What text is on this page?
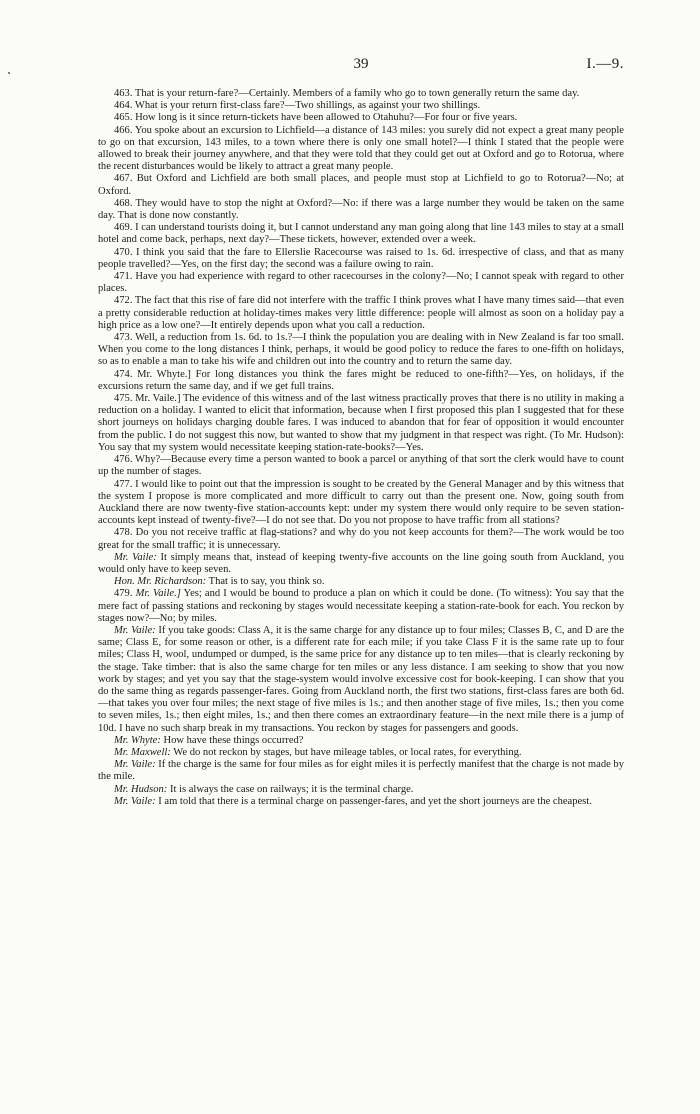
39	I.—9.

463. That is your return-fare?—Certainly. Members of a family who go to town generally return the same day.

464. What is your return first-class fare?—Two shillings, as against your two shillings.

465. How long is it since return-tickets have been allowed to Otahuhu?—For four or five years.

466. You spoke about an excursion to Lichfield—a distance of 143 miles: you surely did not expect a great many people to go on that excursion, 143 miles, to a town where there is only one small hotel?—I think I stated that the people were allowed to break their journey anywhere, and that they were told that they could get out at Oxford and go to Rotorua, where the recent disturbances would be likely to attract a great many people.

467. But Oxford and Lichfield are both small places, and people must stop at Lichfield to go to Rotorua?—No; at Oxford.

468. They would have to stop the night at Oxford?—No: if there was a large number they would be taken on the same day. That is done now constantly.

469. I can understand tourists doing it, but I cannot understand any man going along that line 143 miles to stay at a small hotel and come back, perhaps, next day?—These tickets, however, extended over a week.

470. I think you said that the fare to Ellerslie Racecourse was raised to 1s. 6d. irrespective of class, and that as many people travelled?—Yes, on the first day; the second was a failure owing to rain.

471. Have you had experience with regard to other racecourses in the colony?—No; I cannot speak with regard to other places.

472. The fact that this rise of fare did not interfere with the traffic I think proves what I have many times said—that even a pretty considerable reduction at holiday-times makes very little difference: people will almost as soon on a holiday pay a high price as a low one?—It entirely depends upon what you call a reduction.

473. Well, a reduction from 1s. 6d. to 1s.?—I think the population you are dealing with in New Zealand is far too small. When you come to the long distances I think, perhaps, it would be good policy to reduce the fares to one-fifth on holidays, so as to enable a man to take his wife and children out into the country and to return the same day.

474. Mr. Whyte.] For long distances you think the fares might be reduced to one-fifth?—Yes, on holidays, if the excursions return the same day, and if we get full trains.

475. Mr. Vaile.] The evidence of this witness and of the last witness practically proves that there is no utility in making a reduction on a holiday. I wanted to elicit that information, because when I first proposed this plan I suggested that for these short journeys on holidays charging double fares. I was induced to abandon that for fear of opposition it would encounter from the public. I do not suggest this now, but wanted to show that my judgment in that respect was right. (To Mr. Hudson): You say that my system would necessitate keeping station-rate-books?—Yes.

476. Why?—Because every time a person wanted to book a parcel or anything of that sort the clerk would have to count up the number of stages.

477. I would like to point out that the impression is sought to be created by the General Manager and by this witness that the system I propose is more complicated and more difficult to carry out than the present one. Now, going south from Auckland there are now twenty-five station-accounts kept: under my system there would only require to be seven station-accounts kept instead of twenty-five?—I do not see that. Do you not propose to have traffic from all stations?

478. Do you not receive traffic at flag-stations? and why do you not keep accounts for them?—The work would be too great for the small traffic; it is unnecessary.

Mr. Vaile: It simply means that, instead of keeping twenty-five accounts on the line going south from Auckland, you would only have to keep seven.

Hon. Mr. Richardson: That is to say, you think so.

479. Mr. Vaile.] Yes; and I would be bound to produce a plan on which it could be done. (To witness): You say that the mere fact of passing stations and reckoning by stages would necessitate keeping a station-rate-book for each. You reckon by stages now?—No; by miles.

Mr. Vaile: If you take goods: Class A, it is the same charge for any distance up to four miles; Classes B, C, and D are the same; Class E, for some reason or other, is a different rate for each mile; if you take Class F it is the same rate up to four miles; Class H, wool, undumped or dumped, is the same price for any distance up to ten miles—that is clearly reckoning by the stage. Take timber: that is also the same charge for ten miles or any less distance. I am seeking to show that you now work by stages; and yet you say that the stage-system would involve excessive cost for book-keeping. I can show that you do the same thing as regards passenger-fares. Going from Auckland north, the first two stations, first-class fares are both 6d.—that takes you over four miles; the next stage of five miles is 1s.; and then another stage of five miles, 1s.; then you come to seven miles, 1s.; then eight miles, 1s.; and then there comes an extraordinary feature—in the next mile there is a jump of 10d. I have no such sharp break in my transactions. You reckon by stages for passengers and goods.

Mr. Whyte: How have these things occurred?

Mr. Maxwell: We do not reckon by stages, but have mileage tables, or local rates, for everything.

Mr. Vaile: If the charge is the same for four miles as for eight miles it is perfectly manifest that the charge is not made by the mile.

Mr. Hudson: It is always the case on railways; it is the terminal charge.

Mr. Vaile: I am told that there is a terminal charge on passenger-fares, and yet the short journeys are the cheapest.
